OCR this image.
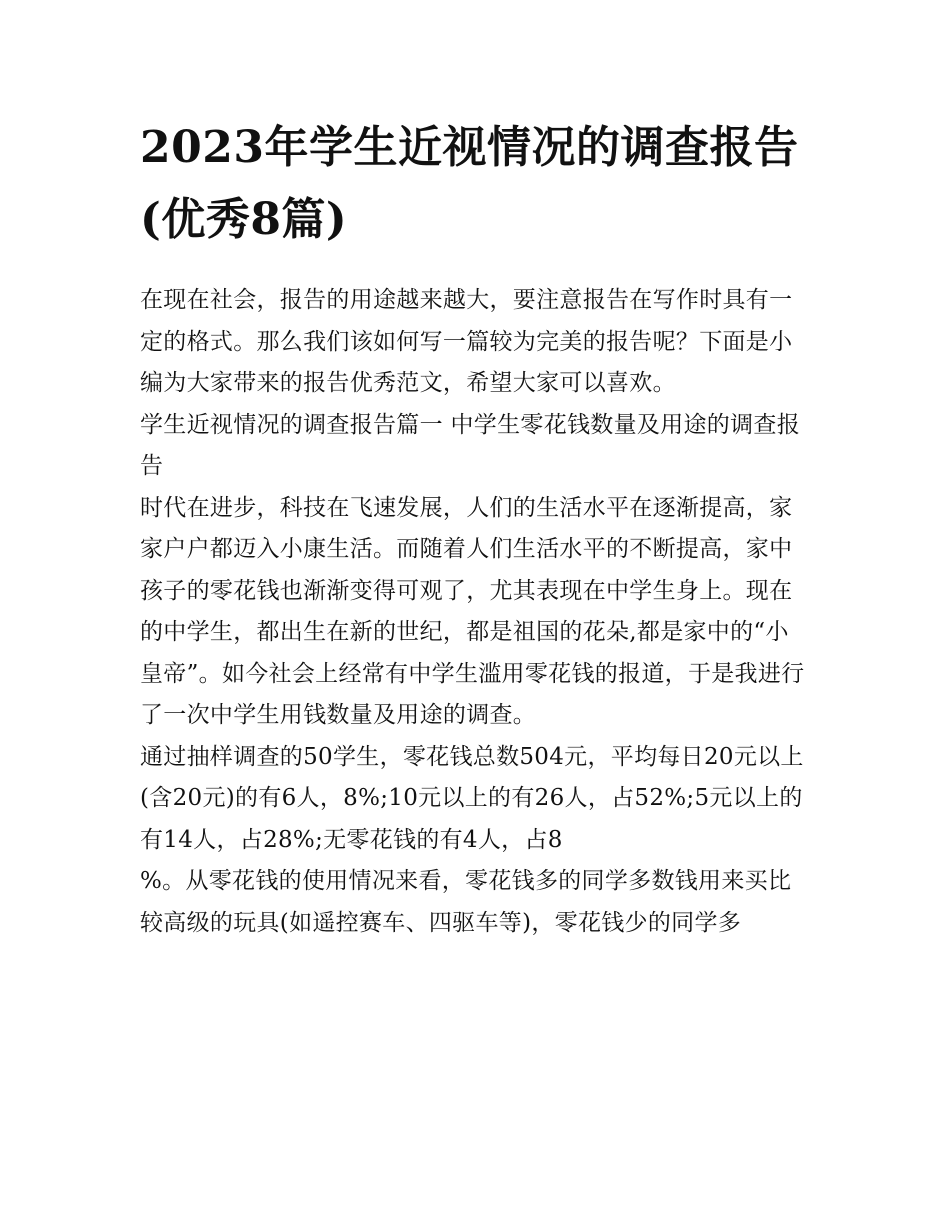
2023年学生近视情况的调查报告(优秀8篇)

在现在社会，报告的用途越来越大，要注意报告在写作时具有一定的格式。那么我们该如何写一篇较为完美的报告呢？下面是小编为大家带来的报告优秀范文，希望大家可以喜欢。

学生近视情况的调查报告篇一 中学生零花钱数量及用途的调查报告

时代在进步，科技在飞速发展，人们的生活水平在逐渐提高，家家户户都迈入小康生活。而随着人们生活水平的不断提高，家中孩子的零花钱也渐渐变得可观了，尤其表现在中学生身上。现在的中学生，都出生在新的世纪，都是祖国的花朵,都是家中的“小皇帝”。如今社会上经常有中学生滥用零花钱的报道，于是我进行了一次中学生用钱数量及用途的调查。

通过抽样调查的50学生，零花钱总数504元，平均每日20元以上(含20元)的有6人，8%;10元以上的有26人，占52%;5元以上的有14人，占28%;无零花钱的有4人，占8

%。从零花钱的使用情况来看，零花钱多的同学多数钱用来买比较高级的玩具(如遥控赛车、四驱车等)，零花钱少的同学多
